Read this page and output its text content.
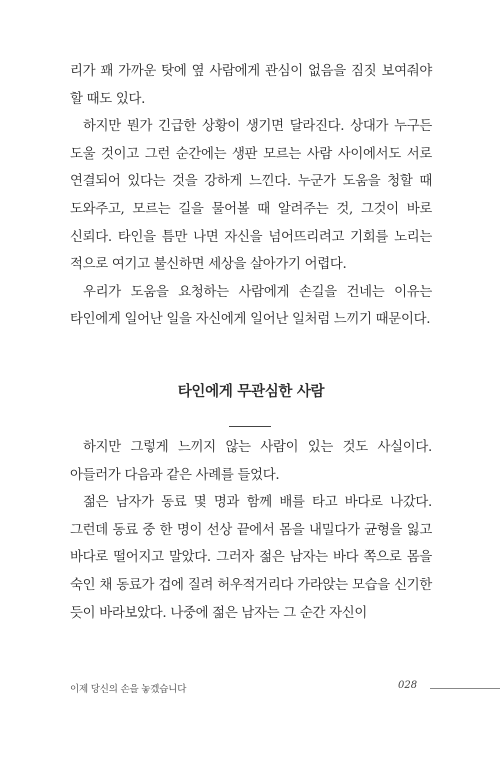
리가 꽤 가까운 탓에 옆 사람에게 관심이 없음을 짐짓 보여줘야 할 때도 있다.

하지만 뭔가 긴급한 상황이 생기면 달라진다. 상대가 누구든 도울 것이고 그런 순간에는 생판 모르는 사람 사이에서도 서로 연결되어 있다는 것을 강하게 느낀다. 누군가 도움을 청할 때 도와주고, 모르는 길을 물어볼 때 알려주는 것, 그것이 바로 신뢰다. 타인을 틈만 나면 자신을 넘어뜨리려고 기회를 노리는 적으로 여기고 불신하면 세상을 살아가기 어렵다.

우리가 도움을 요청하는 사람에게 손길을 건네는 이유는 타인에게 일어난 일을 자신에게 일어난 일처럼 느끼기 때문이다.

타인에게 무관심한 사람

하지만 그렇게 느끼지 않는 사람이 있는 것도 사실이다. 아들러가 다음과 같은 사례를 들었다.

젊은 남자가 동료 몇 명과 함께 배를 타고 바다로 나갔다. 그런데 동료 중 한 명이 선상 끝에서 몸을 내밀다가 균형을 잃고 바다로 떨어지고 말았다. 그러자 젊은 남자는 바다 쪽으로 몸을 숙인 채 동료가 겁에 질려 허우적거리다 가라앉는 모습을 신기한 듯이 바라보았다. 나중에 젊은 남자는 그 순간 자신이

이제 당신의 손을 놓겠습니다	028
